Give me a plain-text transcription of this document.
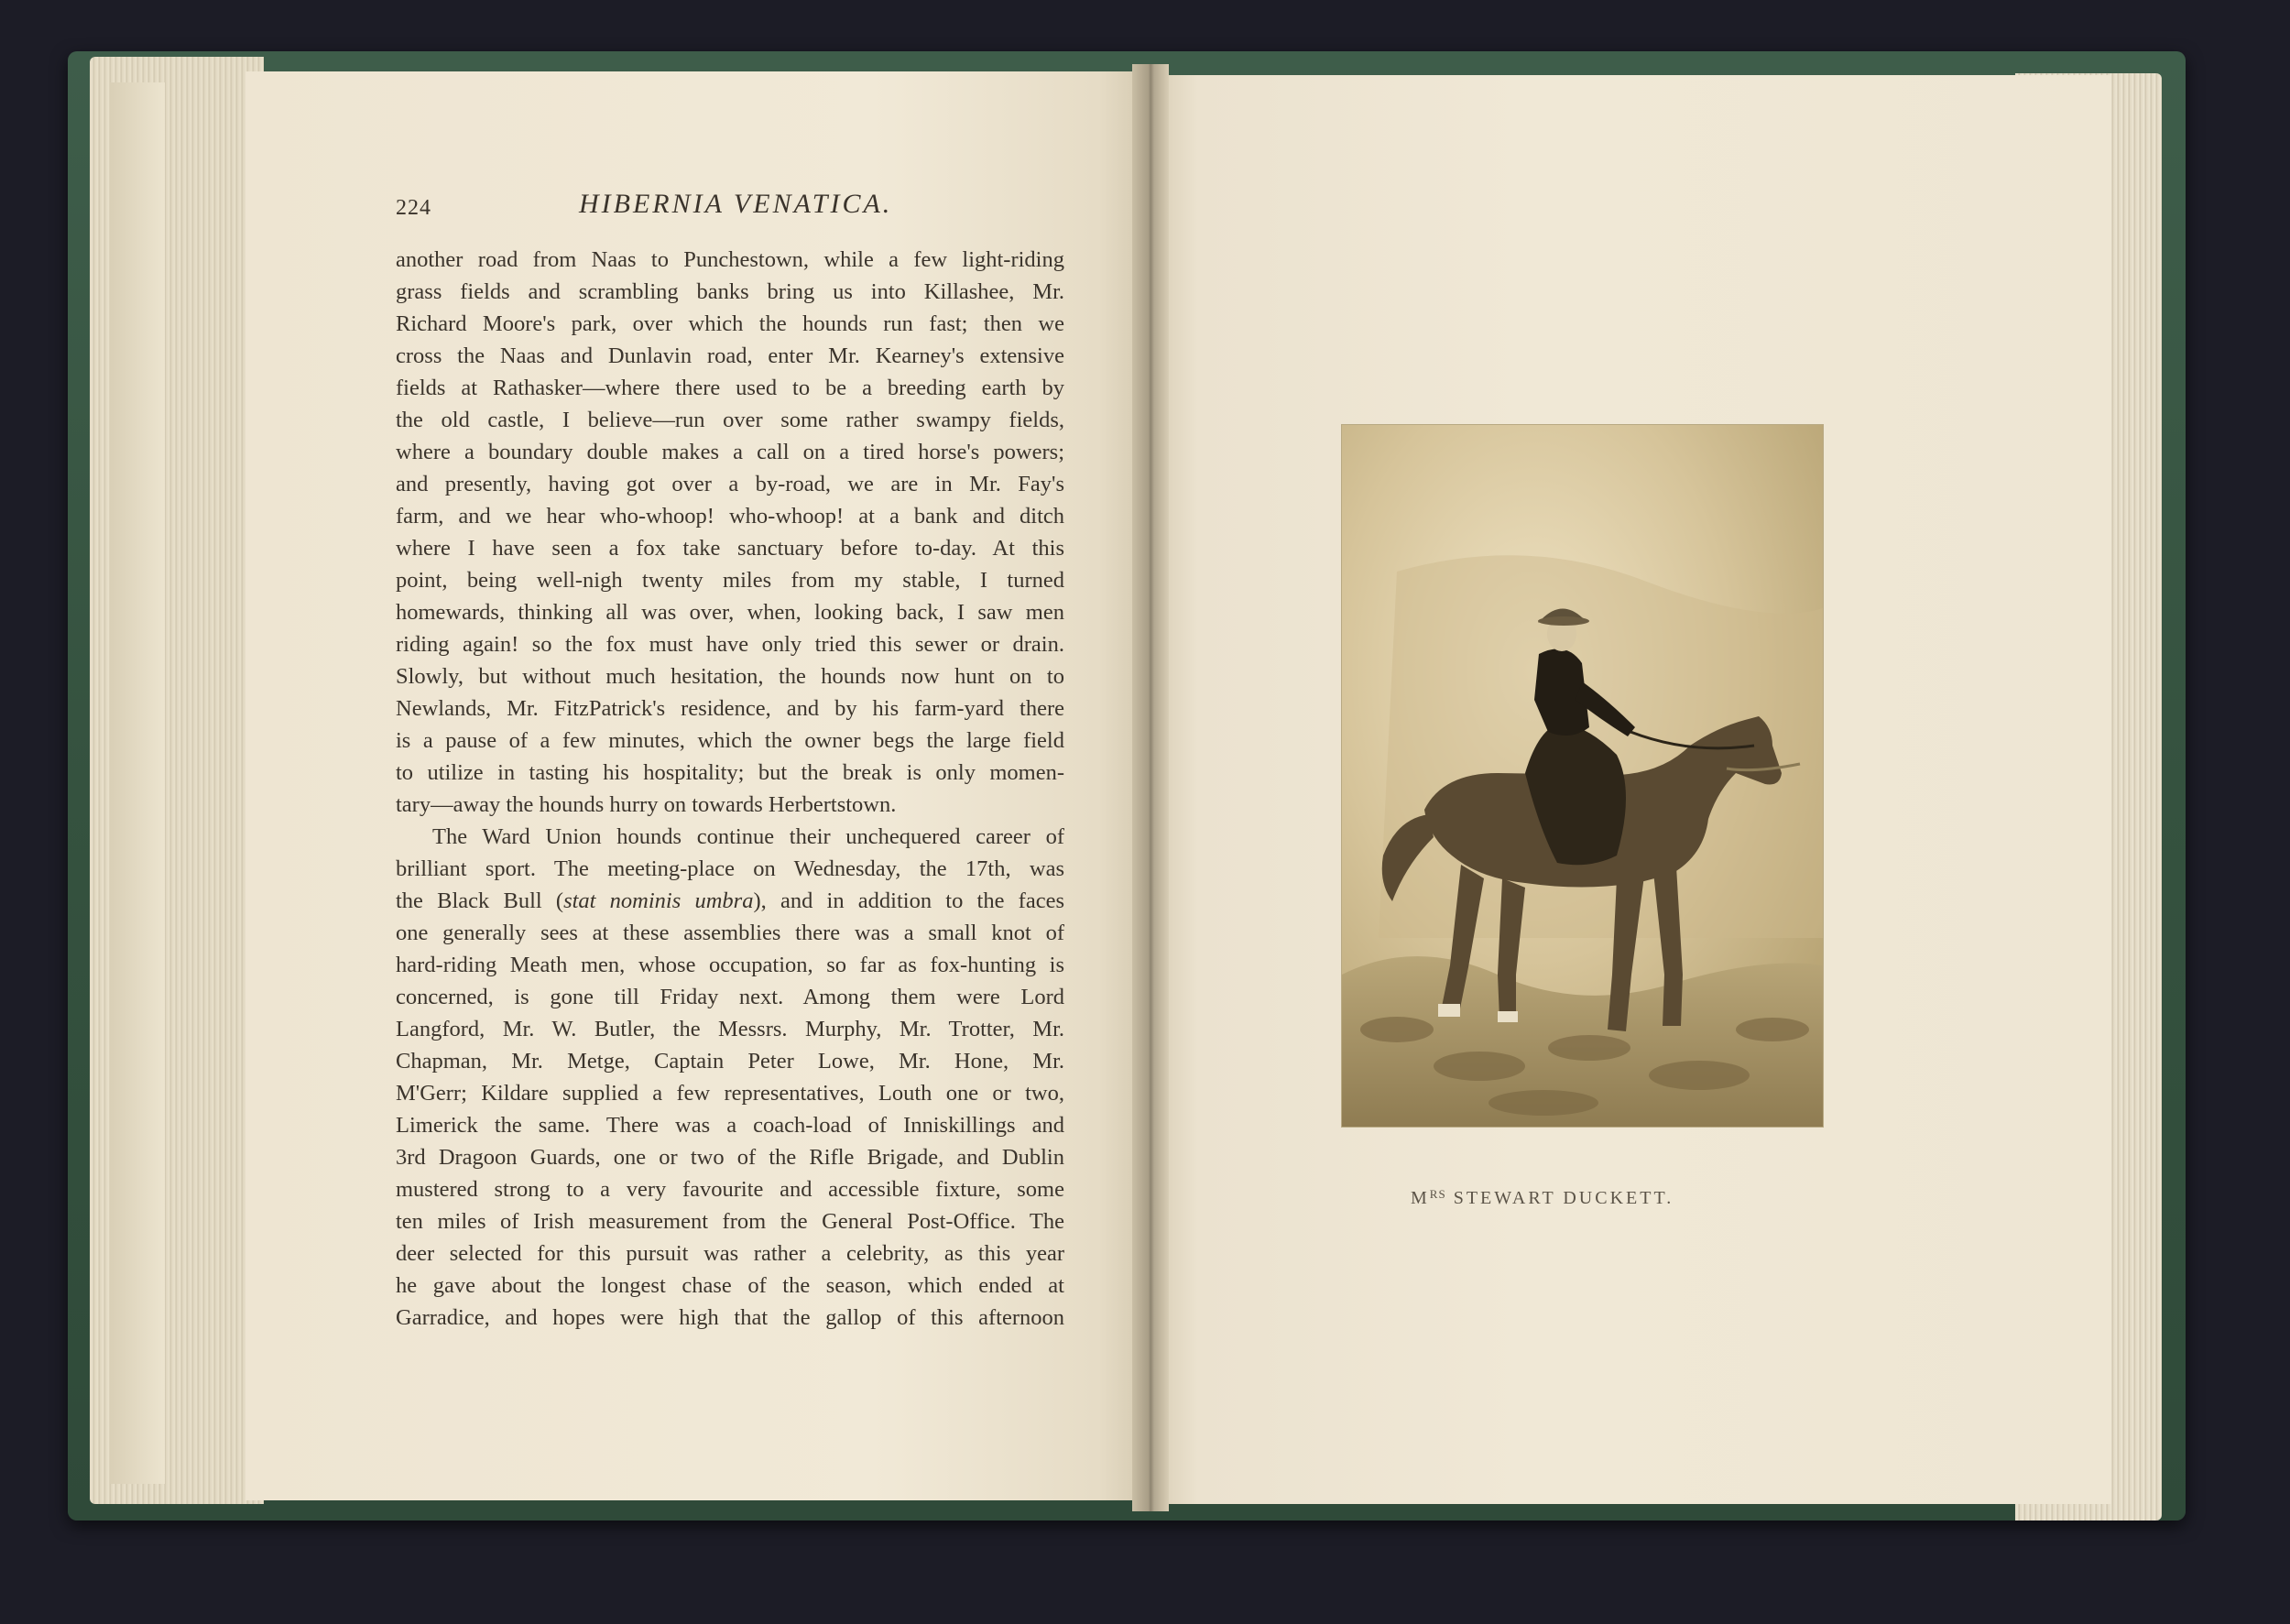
224	HIBERNIA VENATICA.
another road from Naas to Punchestown, while a few light-riding
grass fields and scrambling banks bring us into Killashee, Mr.
Richard Moore's park, over which the hounds run fast; then we
cross the Naas and Dunlavin road, enter Mr. Kearney's extensive
fields at Rathasker—where there used to be a breeding earth by
the old castle, I believe—run over some rather swampy fields,
where a boundary double makes a call on a tired horse's powers;
and presently, having got over a by-road, we are in Mr. Fay's
farm, and we hear who-whoop! who-whoop! at a bank and ditch
where I have seen a fox take sanctuary before to-day. At this
point, being well-nigh twenty miles from my stable, I turned
homewards, thinking all was over, when, looking back, I saw men
riding again! so the fox must have only tried this sewer or drain.
Slowly, but without much hesitation, the hounds now hunt on to
Newlands, Mr. FitzPatrick's residence, and by his farm-yard there
is a pause of a few minutes, which the owner begs the large field
to utilize in tasting his hospitality; but the break is only momen-
tary—away the hounds hurry on towards Herbertstown.
The Ward Union hounds continue their unchequered career of
brilliant sport. The meeting-place on Wednesday, the 17th, was
the Black Bull (stat nominis umbra), and in addition to the faces
one generally sees at these assemblies there was a small knot of
hard-riding Meath men, whose occupation, so far as fox-hunting is
concerned, is gone till Friday next. Among them were Lord
Langford, Mr. W. Butler, the Messrs. Murphy, Mr. Trotter, Mr.
Chapman, Mr. Metge, Captain Peter Lowe, Mr. Hone, Mr.
M'Gerr; Kildare supplied a few representatives, Louth one or two,
Limerick the same. There was a coach-load of Inniskillings and
3rd Dragoon Guards, one or two of the Rifle Brigade, and Dublin
mustered strong to a very favourite and accessible fixture, some
ten miles of Irish measurement from the General Post-Office. The
deer selected for this pursuit was rather a celebrity, as this year
he gave about the longest chase of the season, which ended at
Garradice, and hopes were high that the gallop of this afternoon
$M^{RS}$ STEWART DUCKETT.
